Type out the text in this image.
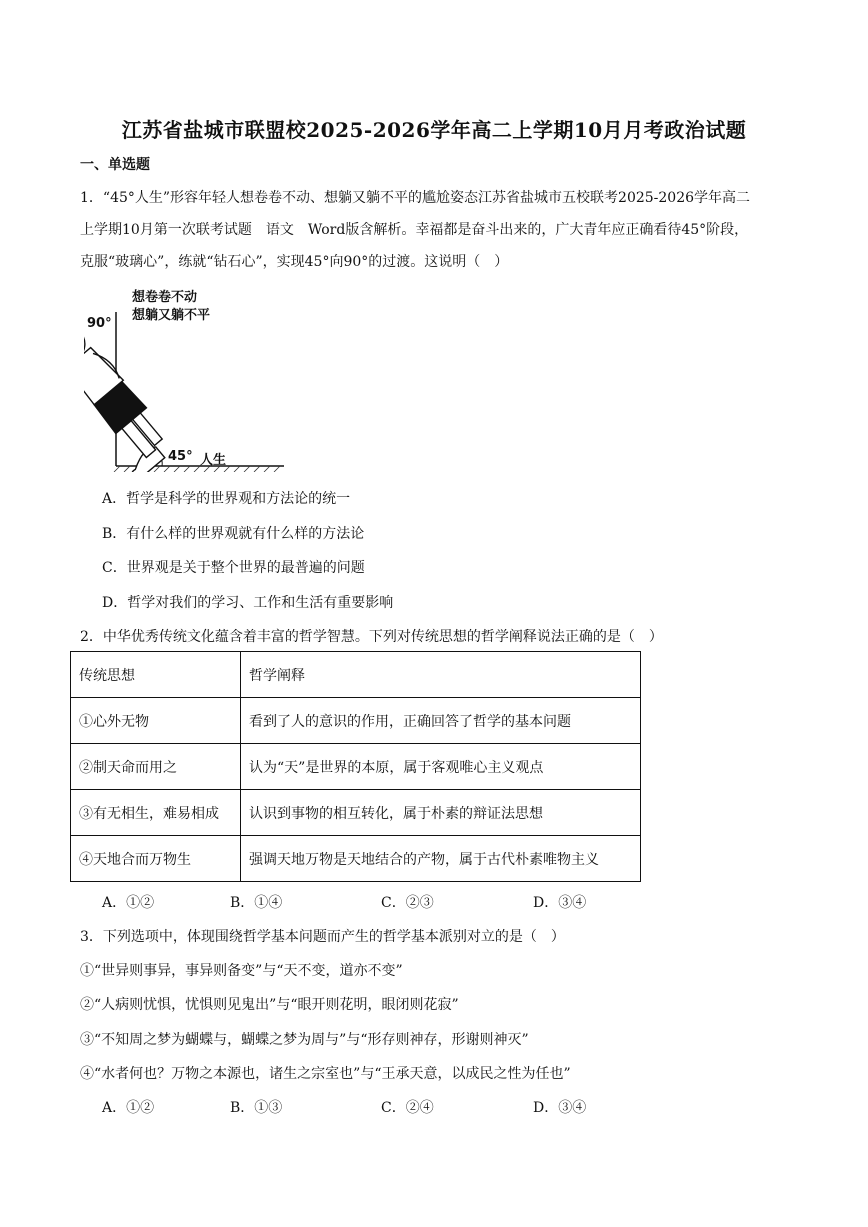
江苏省盐城市联盟校2025-2026学年高二上学期10月月考政治试题
一、单选题
1．“45°人生”形容年轻人想卷卷不动、想躺又躺不平的尴尬姿态江苏省盐城市五校联考2025-2026学年高二
上学期10月第一次联考试题　语文　Word版含解析。幸福都是奋斗出来的，广大青年应正确看待45°阶段，
克服“玻璃心”，练就“钻石心”，实现45°向90°的过渡。这说明（　）
想卷卷不动
想躺又躺不平
90°
45° 人生
A．哲学是科学的世界观和方法论的统一
B．有什么样的世界观就有什么样的方法论
C．世界观是关于整个世界的最普遍的问题
D．哲学对我们的学习、工作和生活有重要影响
2．中华优秀传统文化蕴含着丰富的哲学智慧。下列对传统思想的哲学阐释说法正确的是（　）
传统思想	哲学阐释
①心外无物	看到了人的意识的作用，正确回答了哲学的基本问题
②制天命而用之	认为“天”是世界的本原，属于客观唯心主义观点
③有无相生，难易相成	认识到事物的相互转化，属于朴素的辩证法思想
④天地合而万物生	强调天地万物是天地结合的产物，属于古代朴素唯物主义
A．①②	B．①④	C．②③	D．③④
3．下列选项中，体现围绕哲学基本问题而产生的哲学基本派别对立的是（　）
①“世异则事异，事异则备变”与“天不变，道亦不变”
②“人病则忧惧，忧惧则见鬼出”与“眼开则花明，眼闭则花寂”
③“不知周之梦为蝴蝶与，蝴蝶之梦为周与”与“形存则神存，形谢则神灭”
④“水者何也？万物之本源也，诸生之宗室也”与“王承天意，以成民之性为任也”
A．①②	B．①③	C．②④	D．③④
